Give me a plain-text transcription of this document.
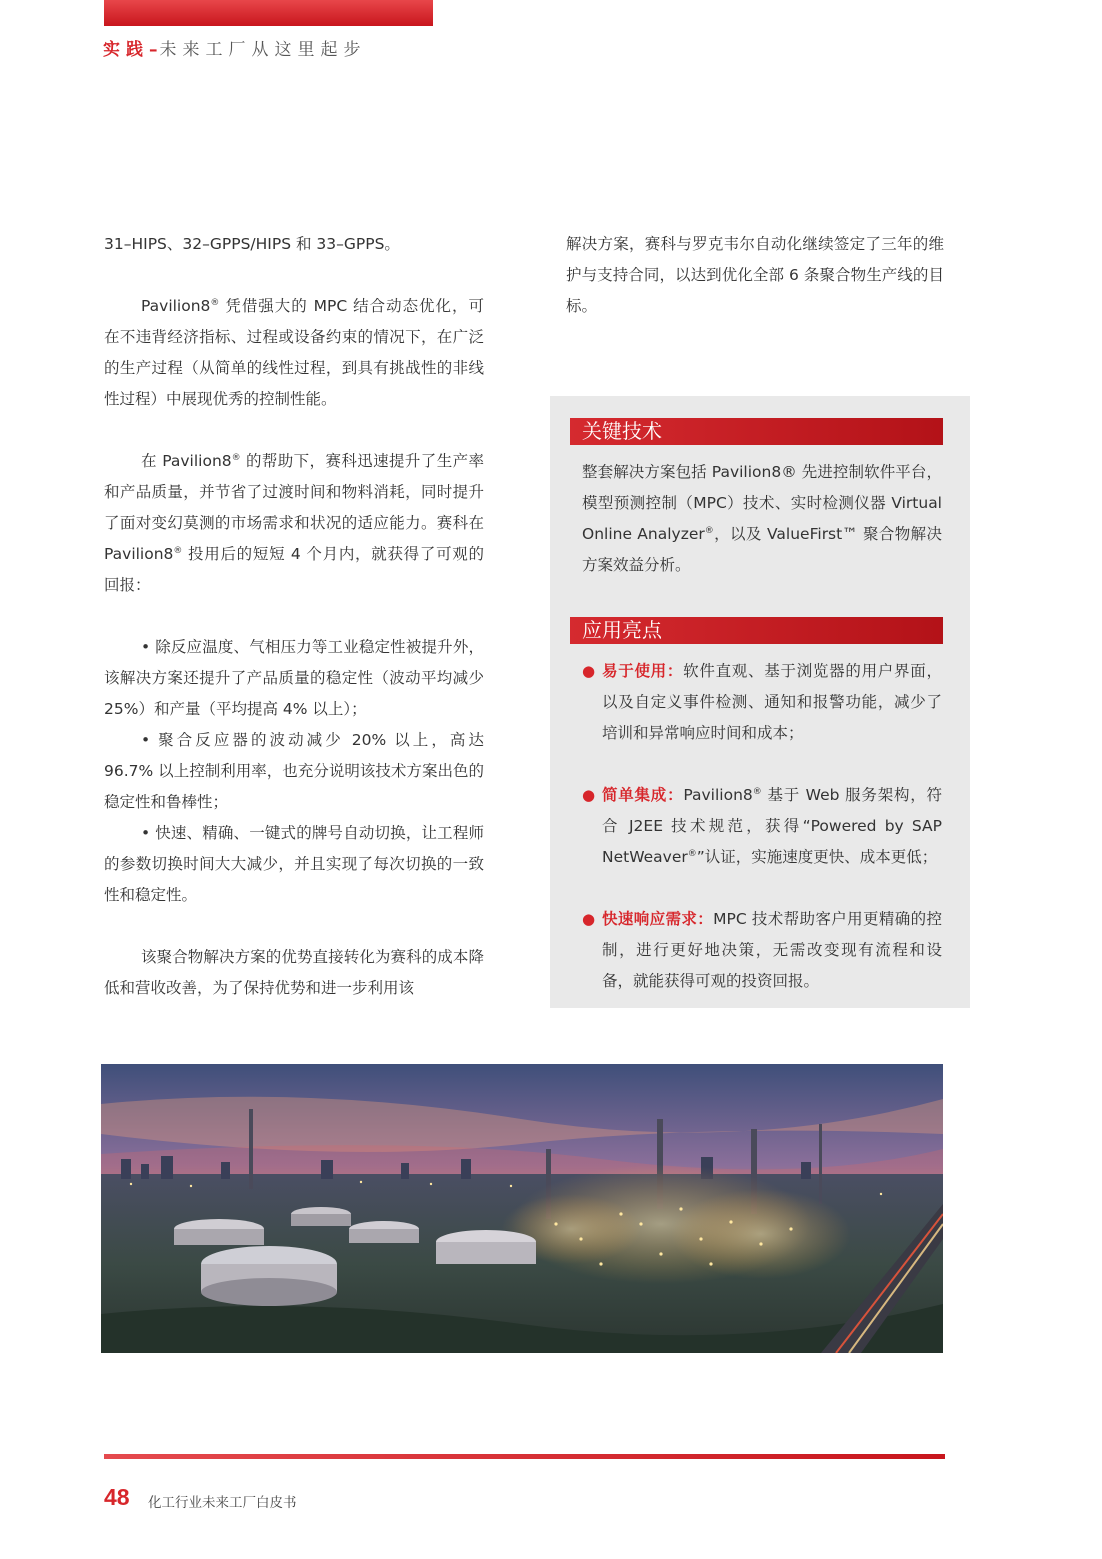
实践–未来工厂从这里起步

31–HIPS、32–GPPS/HIPS 和 33–GPPS。

Pavilion8® 凭借强大的 MPC 结合动态优化，可在不违背经济指标、过程或设备约束的情况下，在广泛的生产过程（从简单的线性过程，到具有挑战性的非线性过程）中展现优秀的控制性能。

在 Pavilion8® 的帮助下，赛科迅速提升了生产率和产品质量，并节省了过渡时间和物料消耗，同时提升了面对变幻莫测的市场需求和状况的适应能力。赛科在 Pavilion8® 投用后的短短 4 个月内，就获得了可观的回报：

• 除反应温度、气相压力等工业稳定性被提升外，该解决方案还提升了产品质量的稳定性（波动平均减少 25%）和产量（平均提高 4% 以上）；

• 聚合反应器的波动减少 20% 以上，高达 96.7% 以上控制利用率，也充分说明该技术方案出色的稳定性和鲁棒性；

• 快速、精确、一键式的牌号自动切换，让工程师的参数切换时间大大减少，并且实现了每次切换的一致性和稳定性。

该聚合物解决方案的优势直接转化为赛科的成本降低和营收改善，为了保持优势和进一步利用该

解决方案，赛科与罗克韦尔自动化继续签定了三年的维护与支持合同，以达到优化全部 6 条聚合物生产线的目标。

关键技术

整套解决方案包括 Pavilion8® 先进控制软件平台，模型预测控制（MPC）技术、实时检测仪器 Virtual Online Analyzer®，以及 ValueFirst™ 聚合物解决方案效益分析。

应用亮点
● 易于使用：软件直观、基于浏览器的用户界面，以及自定义事件检测、通知和报警功能，减少了培训和异常响应时间和成本；
● 简单集成：Pavilion8® 基于 Web 服务架构，符合 J2EE 技术规范，获得“Powered by SAP NetWeaver®”认证，实施速度更快、成本更低；
● 快速响应需求：MPC 技术帮助客户用更精确的控制，进行更好地决策，无需改变现有流程和设备，就能获得可观的投资回报。
48 化工行业未来工厂白皮书
